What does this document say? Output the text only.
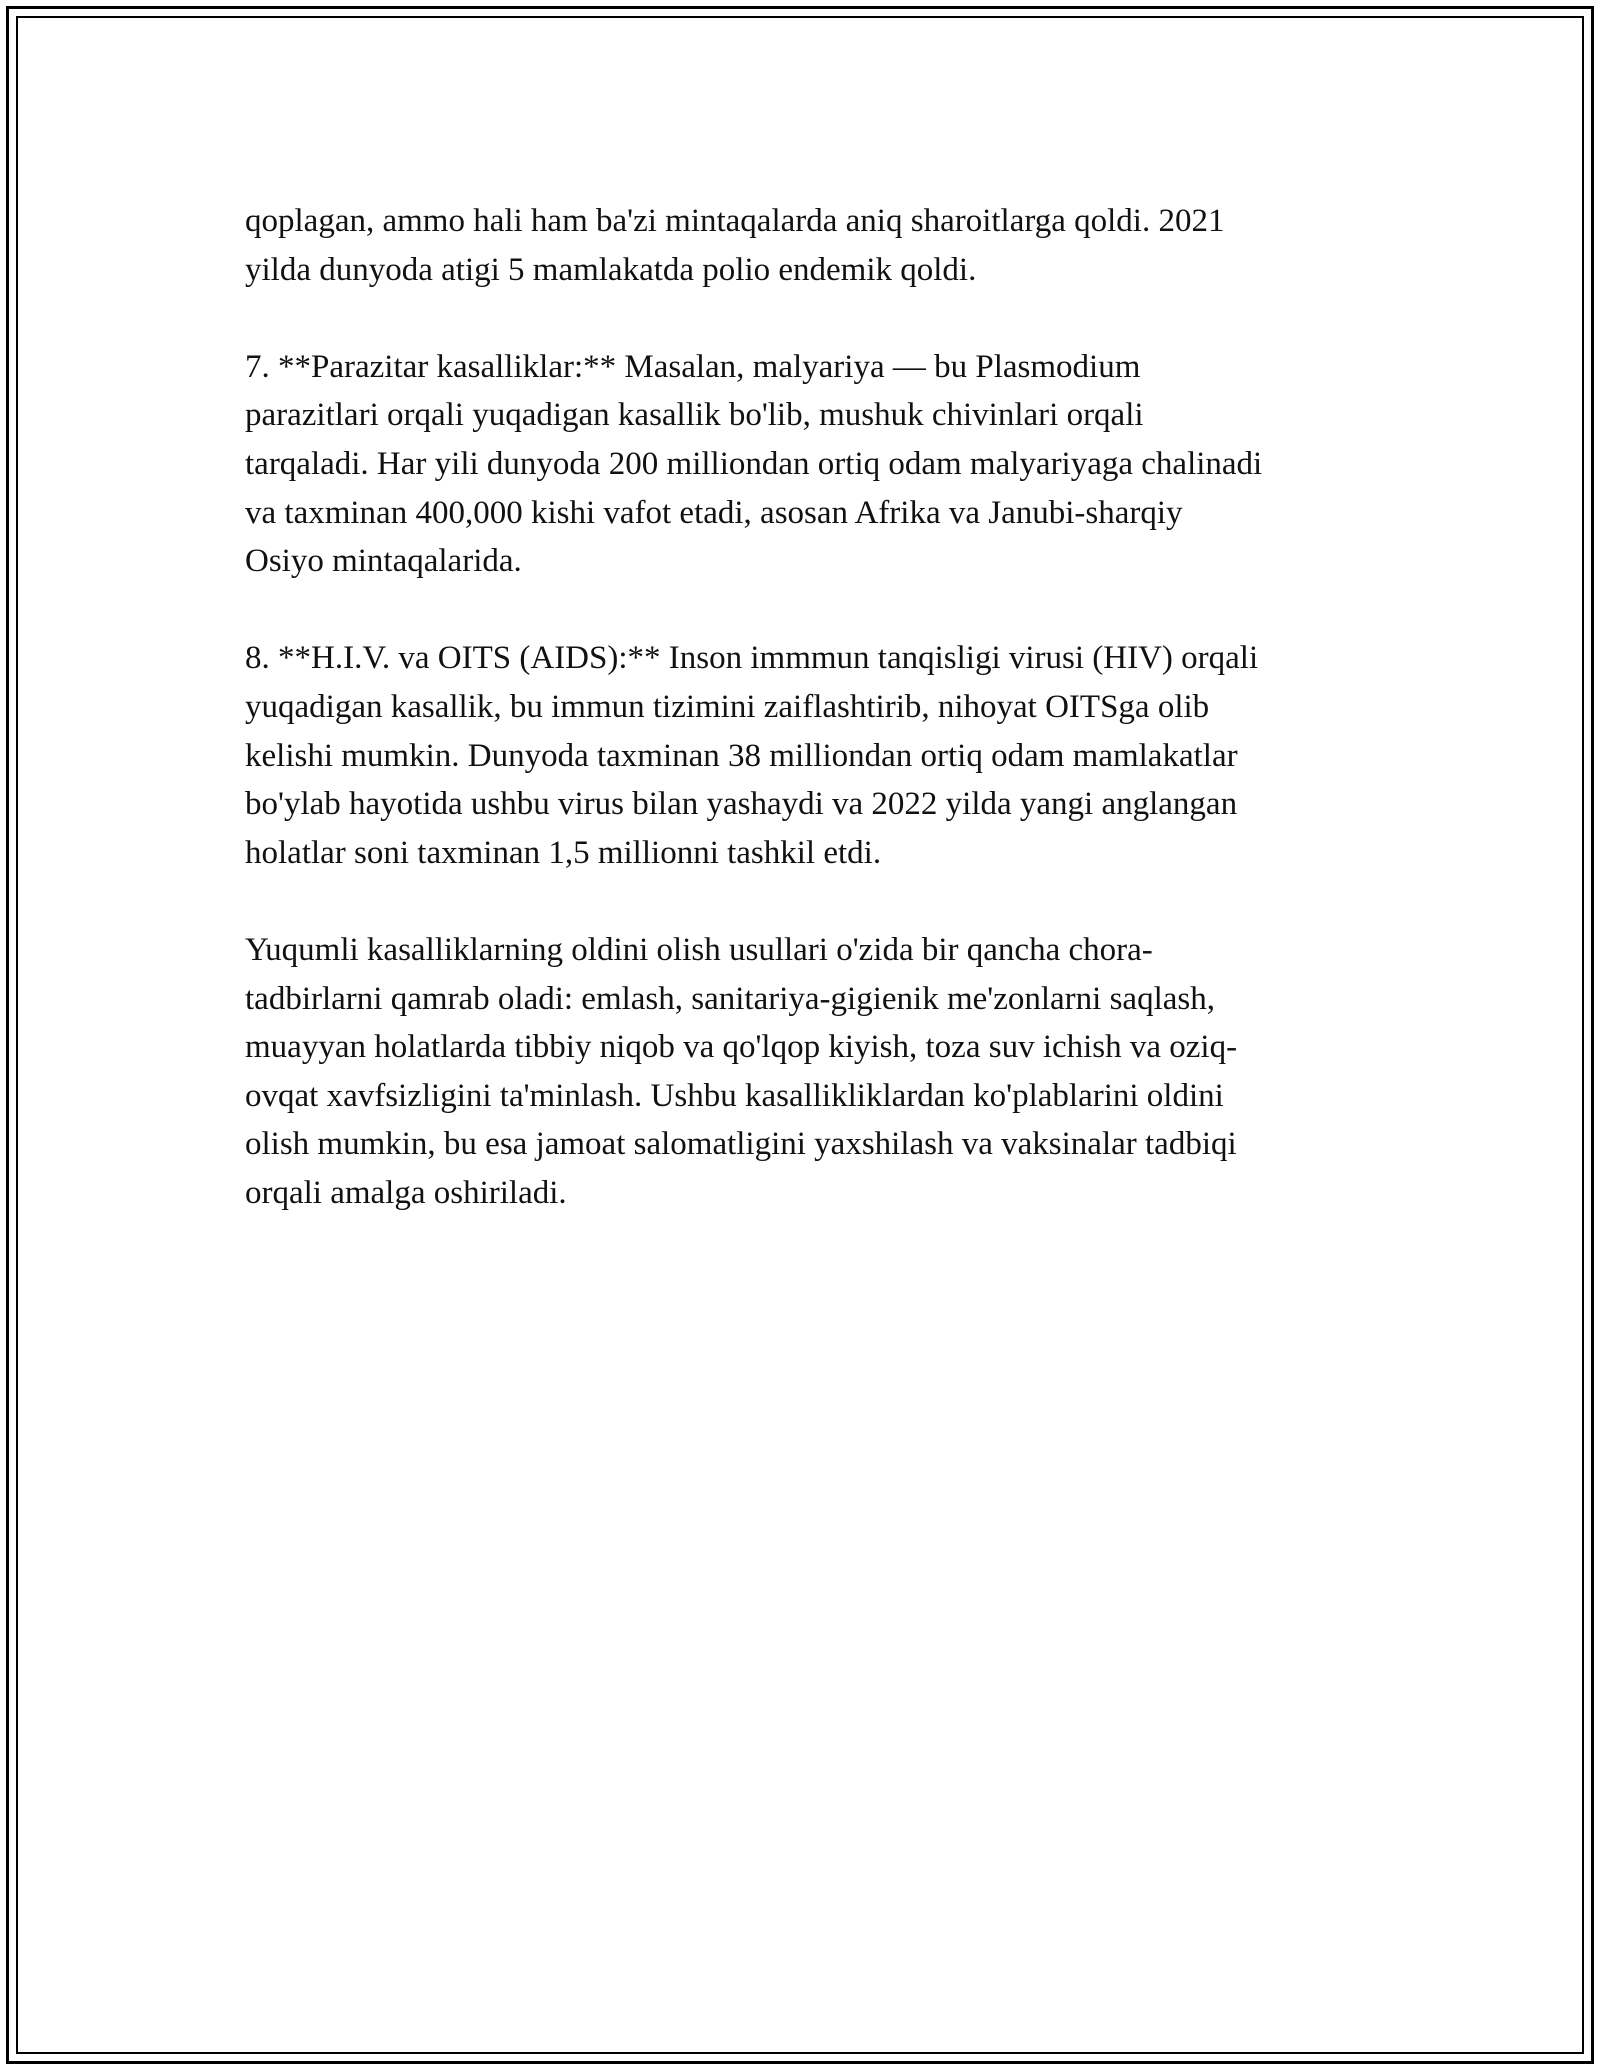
qoplagan, ammo hali ham ba'zi mintaqalarda aniq sharoitlarga qoldi. 2021
yilda dunyoda atigi 5 mamlakatda polio endemik qoldi.

7. **Parazitar kasalliklar:** Masalan, malyariya — bu Plasmodium
parazitlari orqali yuqadigan kasallik bo'lib, mushuk chivinlari orqali
tarqaladi. Har yili dunyoda 200 milliondan ortiq odam malyariyaga chalinadi
va taxminan 400,000 kishi vafot etadi, asosan Afrika va Janubi-sharqiy
Osiyo mintaqalarida.

8. **H.I.V. va OITS (AIDS):** Inson immmun tanqisligi virusi (HIV) orqali
yuqadigan kasallik, bu immun tizimini zaiflashtirib, nihoyat OITSga olib
kelishi mumkin. Dunyoda taxminan 38 milliondan ortiq odam mamlakatlar
bo'ylab hayotida ushbu virus bilan yashaydi va 2022 yilda yangi anglangan
holatlar soni taxminan 1,5 millionni tashkil etdi.

Yuqumli kasalliklarning oldini olish usullari o'zida bir qancha chora-
tadbirlarni qamrab oladi: emlash, sanitariya-gigienik me'zonlarni saqlash,
muayyan holatlarda tibbiy niqob va qo'lqop kiyish, toza suv ichish va oziq-
ovqat xavfsizligini ta'minlash. Ushbu kasallikliklardan ko'plablarini oldini
olish mumkin, bu esa jamoat salomatligini yaxshilash va vaksinalar tadbiqi
orqali amalga oshiriladi.
